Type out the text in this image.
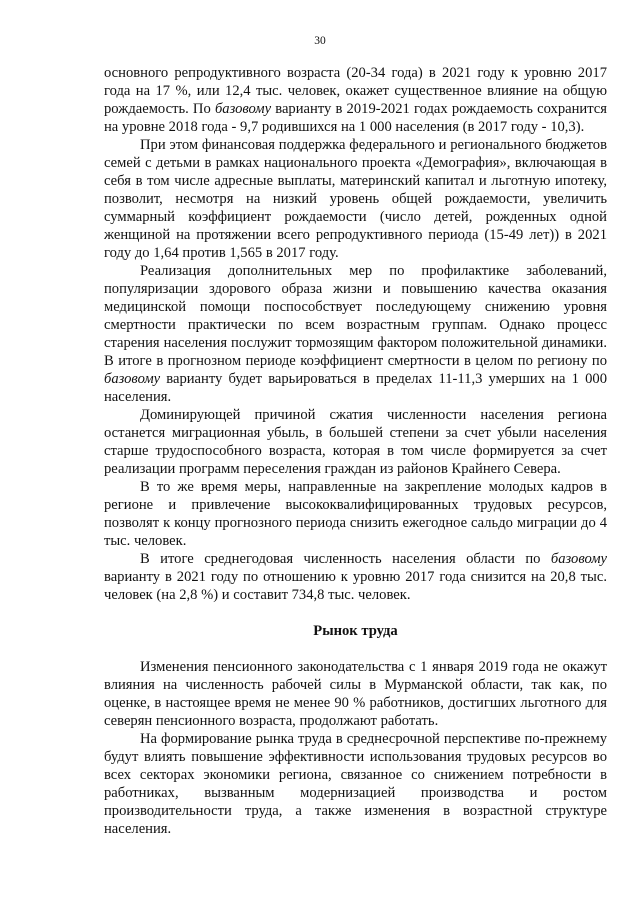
30

основного репродуктивного возраста (20-34 года) в 2021 году к уровню 2017 года на 17 %, или 12,4 тыс. человек, окажет существенное влияние на общую рождаемость. По базовому варианту в 2019-2021 годах рождаемость сохранится на уровне 2018 года - 9,7 родившихся на 1 000 населения (в 2017 году - 10,3).

При этом финансовая поддержка федерального и регионального бюджетов семей с детьми в рамках национального проекта «Демография», включающая в себя в том числе адресные выплаты, материнский капитал и льготную ипотеку, позволит, несмотря на низкий уровень общей рождаемости, увеличить суммарный коэффициент рождаемости (число детей, рожденных одной женщиной на протяжении всего репродуктивного периода (15-49 лет)) в 2021 году до 1,64 против 1,565 в 2017 году.

Реализация дополнительных мер по профилактике заболеваний, популяризации здорового образа жизни и повышению качества оказания медицинской помощи поспособствует последующему снижению уровня смертности практически по всем возрастным группам. Однако процесс старения населения послужит тормозящим фактором положительной динамики. В итоге в прогнозном периоде коэффициент смертности в целом по региону по базовому варианту будет варьироваться в пределах 11-11,3 умерших на 1 000 населения.

Доминирующей причиной сжатия численности населения региона останется миграционная убыль, в большей степени за счет убыли населения старше трудоспособного возраста, которая в том числе формируется за счет реализации программ переселения граждан из районов Крайнего Севера.

В то же время меры, направленные на закрепление молодых кадров в регионе и привлечение высококвалифицированных трудовых ресурсов, позволят к концу прогнозного периода снизить ежегодное сальдо миграции до 4 тыс. человек.

В итоге среднегодовая численность населения области по базовому варианту в 2021 году по отношению к уровню 2017 года снизится на 20,8 тыс. человек (на 2,8 %) и составит 734,8 тыс. человек.

Рынок труда

Изменения пенсионного законодательства с 1 января 2019 года не окажут влияния на численность рабочей силы в Мурманской области, так как, по оценке, в настоящее время не менее 90 % работников, достигших льготного для северян пенсионного возраста, продолжают работать.

На формирование рынка труда в среднесрочной перспективе по-прежнему будут влиять повышение эффективности использования трудовых ресурсов во всех секторах экономики региона, связанное со снижением потребности в работниках, вызванным модернизацией производства и ростом производительности труда, а также изменения в возрастной структуре населения.
